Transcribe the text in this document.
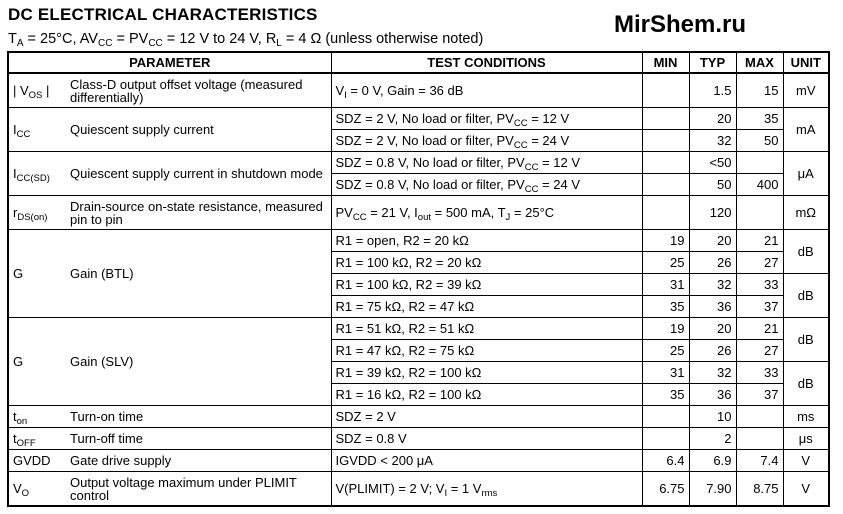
DC ELECTRICAL CHARACTERISTICS	MirShem.ru
$T_A = 25^\circ C$, $AV_{CC} = PV_{CC} = 12$ V to 24 V, $R_L = 4$ Ω (unless otherwise noted)
PARAMETER		TEST CONDITIONS	MIN	TYP	MAX	UNIT
| $V_{OS}$ |	Class-D output offset voltage (measured differentially)	$V_I = 0$ V, Gain = 36 dB		1.5	15	mV
$I_{CC}$	Quiescent supply current	SDZ = 2 V, No load or filter, $PV_{CC} = 12$ V		20	35	mA
		SDZ = 2 V, No load or filter, $PV_{CC} = 24$ V		32	50	
$I_{CC(SD)}$	Quiescent supply current in shutdown mode	SDZ = 0.8 V, No load or filter, $PV_{CC} = 12$ V		<50		μA
		SDZ = 0.8 V, No load or filter, $PV_{CC} = 24$ V		50	400	
$r_{DS(on)}$	Drain-source on-state resistance, measured pin to pin	$PV_{CC} = 21$ V, $I_{out} = 500$ mA, $T_J = 25^\circ C$		120		mΩ
G	Gain (BTL)	R1 = open, R2 = 20 kΩ	19	20	21	dB
		R1 = 100 kΩ, R2 = 20 kΩ	25	26	27	
		R1 = 100 kΩ, R2 = 39 kΩ	31	32	33	dB
		R1 = 75 kΩ, R2 = 47 kΩ	35	36	37	
G	Gain (SLV)	R1 = 51 kΩ, R2 = 51 kΩ	19	20	21	dB
		R1 = 47 kΩ, R2 = 75 kΩ	25	26	27	
		R1 = 39 kΩ, R2 = 100 kΩ	31	32	33	dB
		R1 = 16 kΩ, R2 = 100 kΩ	35	36	37	
$t_{on}$	Turn-on time	SDZ = 2 V		10		ms
$t_{OFF}$	Turn-off time	SDZ = 0.8 V		2		μs
GVDD	Gate drive supply	IGVDD < 200 μA	6.4	6.9	7.4	V
$V_O$	Output voltage maximum under PLIMIT control	V(PLIMIT) = 2 V; $V_I = 1$ $V_{rms}$	6.75	7.90	8.75	V
